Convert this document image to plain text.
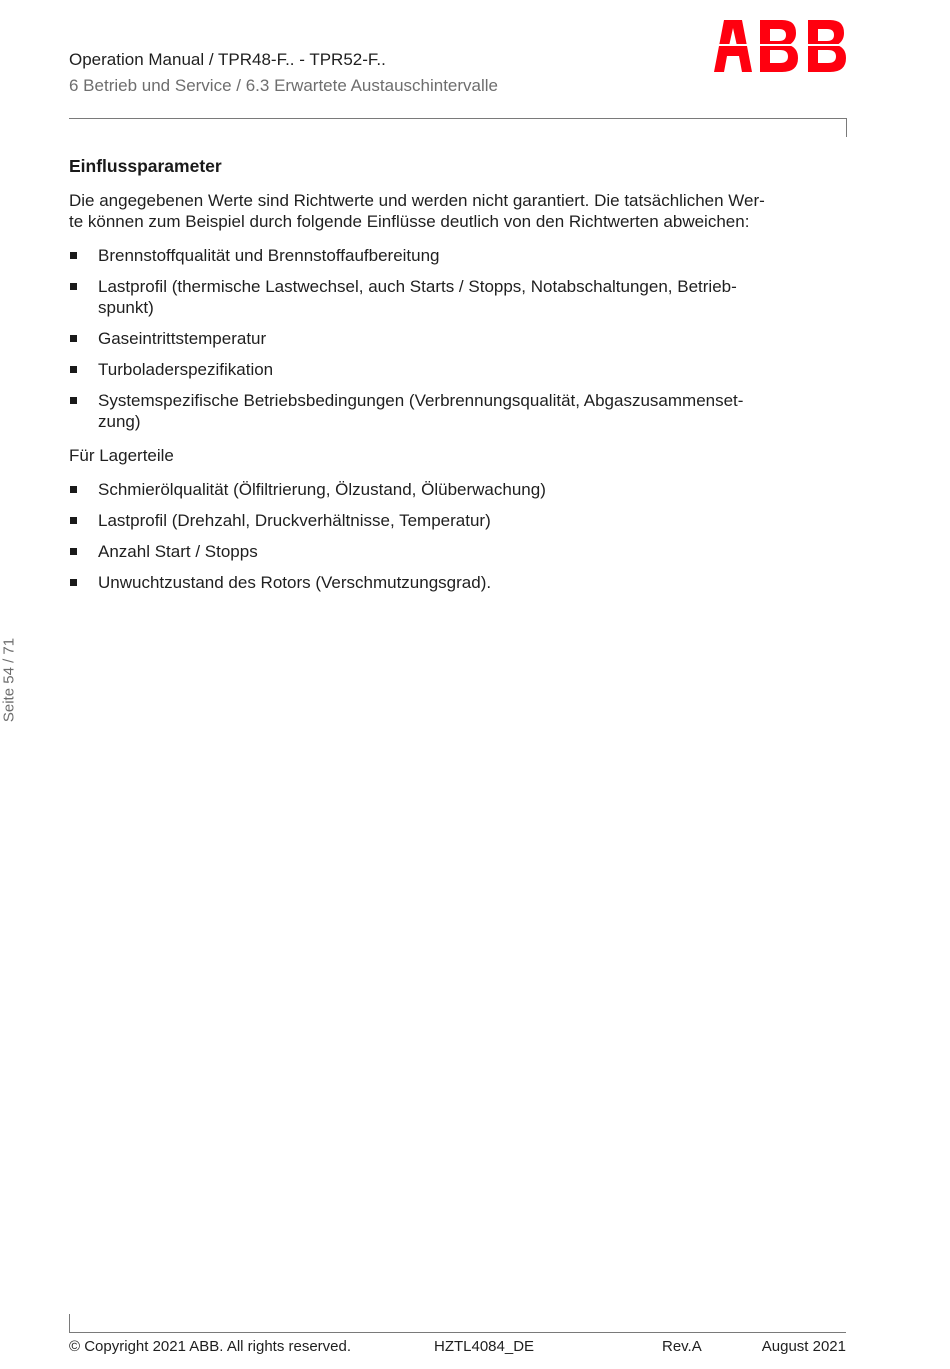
Operation Manual / TPR48-F.. - TPR52-F..
6 Betrieb und Service / 6.3 Erwartete Austauschintervalle
Einflussparameter
Die angegebenen Werte sind Richtwerte und werden nicht garantiert. Die tatsächlichen Wer-
te können zum Beispiel durch folgende Einflüsse deutlich von den Richtwerten abweichen:
Brennstoffqualität und Brennstoffaufbereitung
Lastprofil (thermische Lastwechsel, auch Starts / Stopps, Notabschaltungen, Betrieb-
spunkt)
Gaseintrittstemperatur
Turboladerspezifikation
Systemspezifische Betriebsbedingungen (Verbrennungsqualität, Abgaszusammenset-
zung)
Für Lagerteile
Schmierölqualität (Ölfiltrierung, Ölzustand, Ölüberwachung)
Lastprofil (Drehzahl, Druckverhältnisse, Temperatur)
Anzahl Start / Stopps
Unwuchtzustand des Rotors (Verschmutzungsgrad).
Seite 54 / 71
© Copyright 2021 ABB. All rights reserved.	HZTL4084_DE	Rev.A	August 2021
